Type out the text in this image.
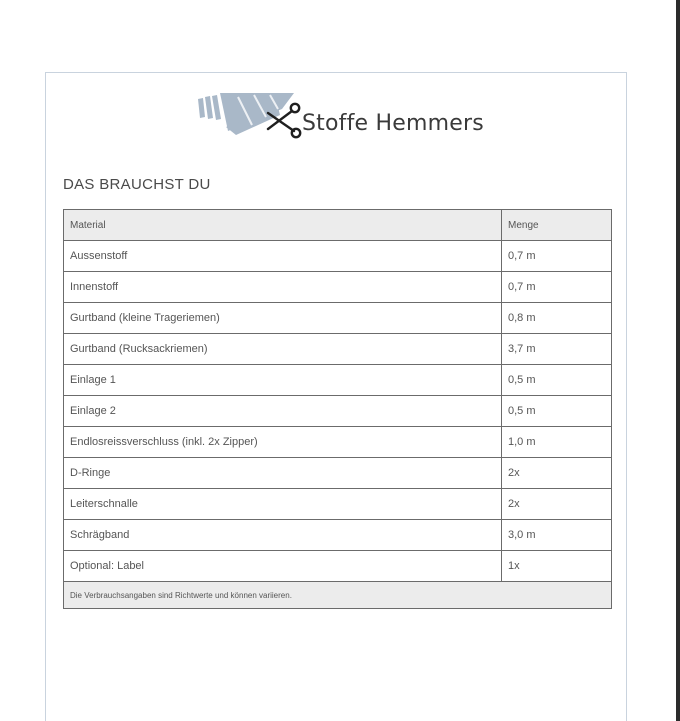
Stoffe Hemmers
DAS BRAUCHST DU
Material	Menge
Aussenstoff	0,7 m
Innenstoff	0,7 m
Gurtband (kleine Trageriemen)	0,8 m
Gurtband (Rucksackriemen)	3,7 m
Einlage 1	0,5 m
Einlage 2	0,5 m
Endlosreissverschluss (inkl. 2x Zipper)	1,0 m
D-Ringe	2x
Leiterschnalle	2x
Schrägband	3,0 m
Optional: Label	1x
Die Verbrauchsangaben sind Richtwerte und können variieren.	
